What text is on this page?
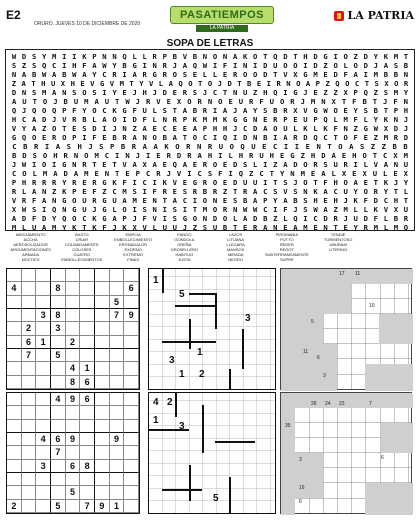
E2
ORURO, JUEVES 10 DE DICIEMBRE DE 2020
PASATIEMPOS
LA PATRIA
LA PATRIA
SOPA DE LETRAS
W D S Y M I I K P N N Q L L R P B V B N O N A K O T Q D T H D G I O Z D Y K M T
S Z S Q C I H F A W Y B G I N R J A Q W I F I N I D U O O I D Z O L O D J A S B
N A B W A B W A Y C R I A R G R O S E L L E R O O D T V X G M E D F A I M B B N
Z A T H U X H E V G V M T Y V L A Q O T O J D T B E I R N O A P Z Q O C T S X O R
D N S M A N S O S I Y E J H J D E R S J C T N U Z H Q I G J E Z Z X P Q Z S M Y
A U T O J B U M A U T W J R V E X O R N O E U R F U O R J M N X T F B T J F N
Q J Q O Q P F Y O C K G F U L S T A B R I A J A Y S B R X V G W O E Y S B T P H
H C A D J V R B L A O I D F L N R P K M M K G G N E R P E U P Q L M F L Y K N J
V Y A Z O T E S D I J N Z A E C E E A P H H J C D A O U L K L K F N Z G W X D J
G Q O E R O P I F E B R A N O B A T O C I Q I D N B I A R D Q C T O F E Z M R D
C B R I A S H J S P B R A A K O R N R U O Q U E C I I E N T O A S Z Z B B
B D S O H R N O M C I N J I E R D R A H I L H R U H E G Z H D A E H O T C X M
J W I O I G N R T E T V A X A E Q A E R O E D S L I Z A D O R S U R I L V A N U
C O L M A D A M E N T E P C R J V I C S F I Q Z C T Y N M E A L X E X U L E X
P H R R R Y R E R G K F I C I K V E G R O E D U U I T S J O T F H O A E T K J Y
R L A N Z K P E F Z C M S I F R E S R B R Z T R A C S V S N K A C U Y O R Y T L
V R F A N G O U R G U A M E N T A C I O N E S B A P Y A B S H E H J K F D C H T
X W S I Q N G U J G L O I S N I S I T M O R N W W C I F J S W A Z M L L K V X U
A D F D Y Q O C K G A P J F V I S G O N D O L A D B Z L Q I C D R J U D F L B R
M L U A M Y K T K F J K X V L U U J Z S U B T E R A N E A M E N T E Y R M L M Q
ABOGAMIENTO
ACCHA
AEROSOLIZADOR
ARGUMENTACIONES
ARMADA
NOCTIES
BASTO
CRIAR
COLMADAMENTE
COLOSES
CUATRO
EMBOLLECIMIENTOS
EMPCIA
ENBOLLECIMIENTO
ERGNADALOR
EXORNO
EXTREMO
FINAS
FANGO
GONDOLA
GREÑA
GROSELLERO
HABITUO
JUSTA
LAZOS
LITUANA
LLEGARA
MANSOS
MIRADA
NEGRO
PIROMANIA
PUTTO
REDER
REGOT
SUBTERRANEAMENTE
SUPRE
TENDIE
TORMENTOSO
UBURAM
UTERINO
4	8	6
5
3	8	7	9
2	3
6	1	2
7	5
4	1
8	6
1
5
3
1
3
1 2
17 11
5
10
11
6
3
4	9	6
4	6	9	9
7
3	6	8
5
2	5	7	9	1
4 2
1
3
5
26 24 23	7
35
6
3
16
6
